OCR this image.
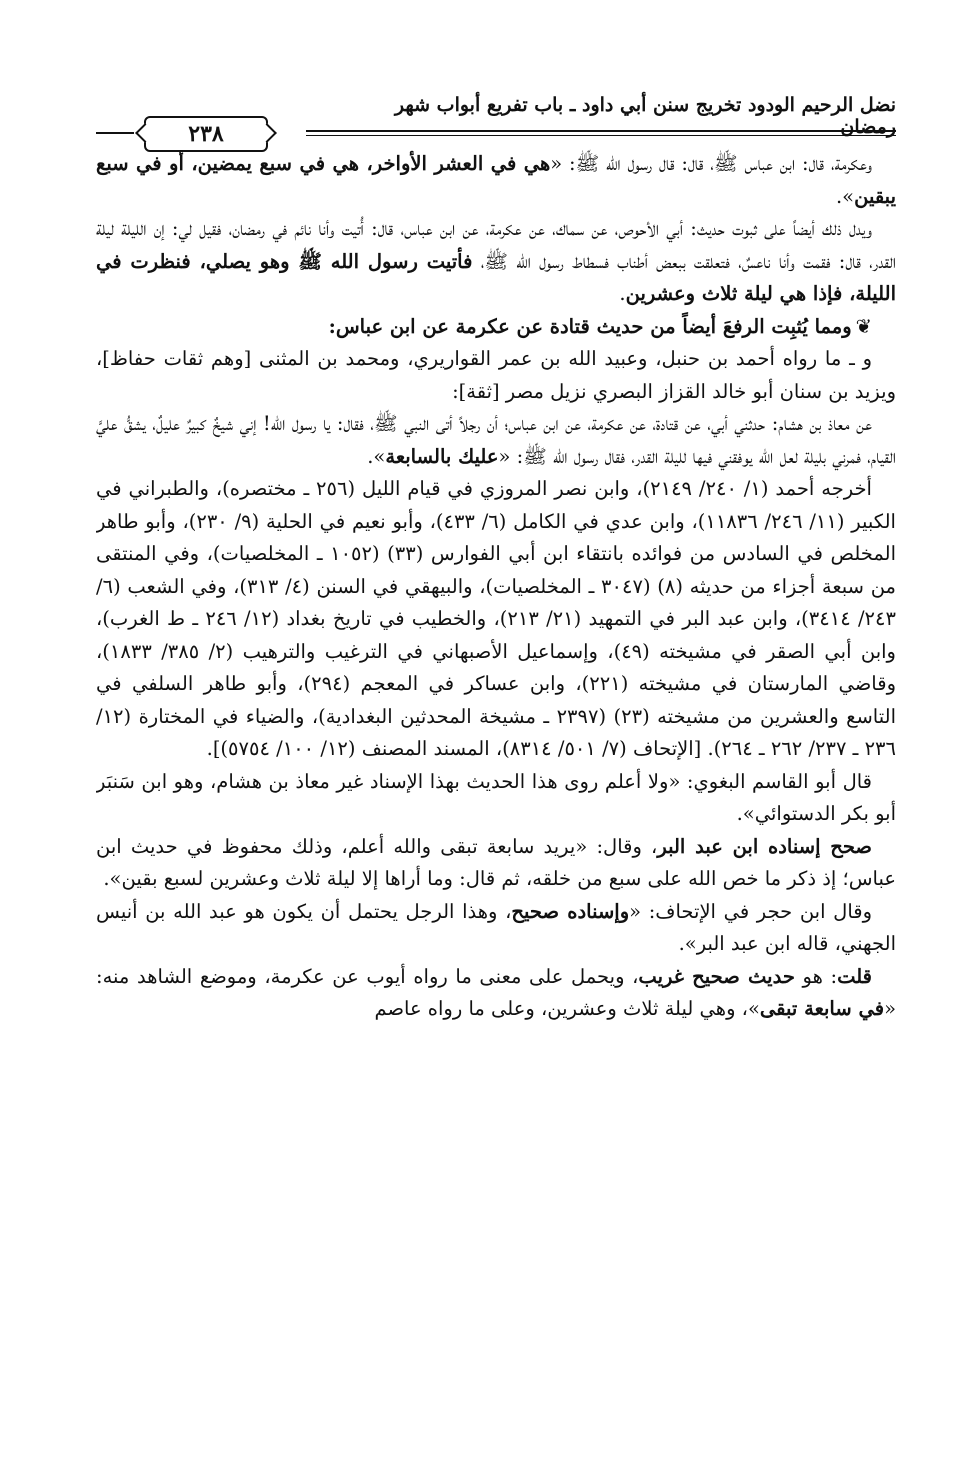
نضل الرحيم الودود تخريج سنن أبي داود ـ باب تفريع أبواب شهر رمضان
٢٣٨

وعكرمة، قال: ابن عباس ﷺ، قال: قال رسول الله ﷺ: «هي في العشر الأواخر، هي في سبع يمضين، أو في سبع يبقين».

ويدل ذلك أيضاً على ثبوت حديث: أبي الأحوص، عن سماك، عن عكرمة، عن ابن عباس، قال: أُتيت وأنا نائم في رمضان، فقيل لي: إن الليلة ليلة القدر، قال: فقمت وأنا ناعسٌ، فتعلقت ببعض أطناب فسطاط رسول الله ﷺ، فأتيت رسول الله ﷺ وهو يصلي، فنظرت في الليلة، فإذا هي ليلة ثلاث وعشرين.

❦ومما يُثبِت الرفعَ أيضاً من حديث قتادة عن عكرمة عن ابن عباس:

و ـ ما رواه أحمد بن حنبل، وعبيد الله بن عمر القواريري، ومحمد بن المثنى [وهم ثقات حفاظ]، ويزيد بن سنان أبو خالد القزاز البصري نزيل مصر [ثقة]:

عن معاذ بن هشام: حدثني أبي، عن قتادة، عن عكرمة، عن ابن عباس؛ أن رجلاً أتى النبي ﷺ، فقال: يا رسول الله! إني شيخٌ كبيرٌ عليلٌ، يشقُّ عليَّ القيام، فمرني بليلة لعل الله يوفقني فيها لليلة القدر، فقال رسول الله ﷺ: «عليك بالسابعة».

أخرجه أحمد (١/ ٢٤٠/ ٢١٤٩)، وابن نصر المروزي في قيام الليل (٢٥٦ ـ مختصره)، والطبراني في الكبير (١١/ ٢٤٦/ ١١٨٣٦)، وابن عدي في الكامل (٦/ ٤٣٣)، وأبو نعيم في الحلية (٩/ ٢٣٠)، وأبو طاهر المخلص في السادس من فوائده بانتقاء ابن أبي الفوارس (٣٣) (١٠٥٢ ـ المخلصيات)، وفي المنتقى من سبعة أجزاء من حديثه (٨) (٣٠٤٧ ـ المخلصيات)، والبيهقي في السنن (٤/ ٣١٣)، وفي الشعب (٦/ ٢٤٣/ ٣٤١٤)، وابن عبد البر في التمهيد (٢١/ ٢١٣)، والخطيب في تاريخ بغداد (١٢/ ٢٤٦ ـ ط الغرب)، وابن أبي الصقر في مشيخته (٤٩)، وإسماعيل الأصبهاني في الترغيب والترهيب (٢/ ٣٨٥/ ١٨٣٣)، وقاضي المارستان في مشيخته (٢٢١)، وابن عساكر في المعجم (٢٩٤)، وأبو طاهر السلفي في التاسع والعشرين من مشيخته (٢٣) (٢٣٩٧ ـ مشيخة المحدثين البغدادية)، والضياء في المختارة (١٢/ ٢٣٦ ـ ٢٣٧/ ٢٦٢ ـ ٢٦٤). [الإتحاف (٧/ ٥٠١/ ٨٣١٤)، المسند المصنف (١٢/ ١٠٠/ ٥٧٥٤)].

قال أبو القاسم البغوي: «ولا أعلم روى هذا الحديث بهذا الإسناد غير معاذ بن هشام، وهو ابن سَنبَر أبو بكر الدستوائي».

صحح إسناده ابن عبد البر، وقال: «يريد سابعة تبقى والله أعلم، وذلك محفوظ في حديث ابن عباس؛ إذ ذكر ما خص الله على سبع من خلقه، ثم قال: وما أراها إلا ليلة ثلاث وعشرين لسبع بقين».

وقال ابن حجر في الإتحاف: «وإسناده صحيح، وهذا الرجل يحتمل أن يكون هو عبد الله بن أنيس الجهني، قاله ابن عبد البر».

قلت: هو حديث صحيح غريب، ويحمل على معنى ما رواه أيوب عن عكرمة، وموضع الشاهد منه: «في سابعة تبقى»، وهي ليلة ثلاث وعشرين، وعلى ما رواه عاصم
